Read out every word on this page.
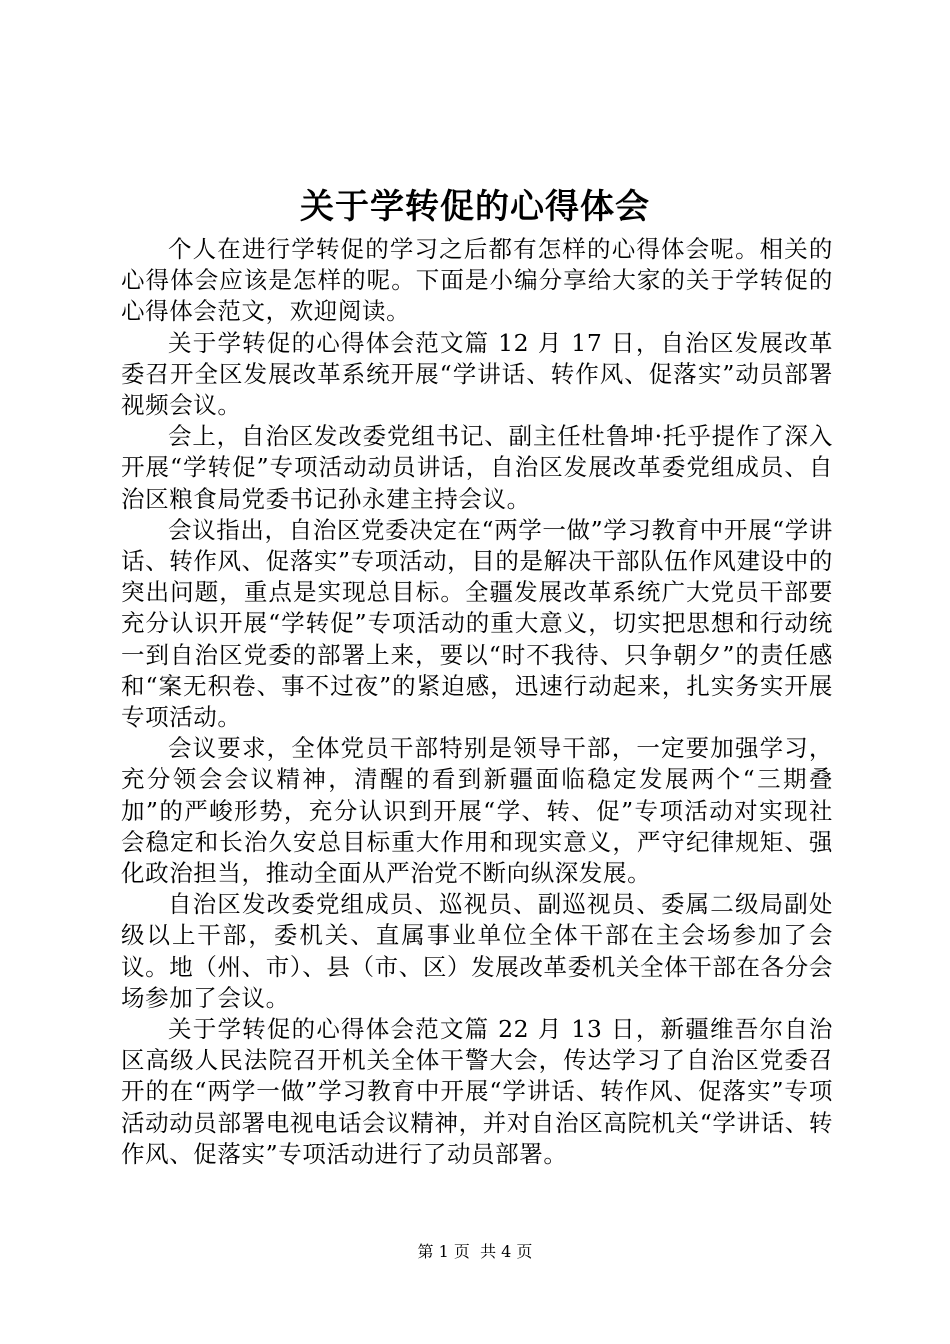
关于学转促的心得体会

个人在进行学转促的学习之后都有怎样的心得体会呢。相关的心得体会应该是怎样的呢。下面是小编分享给大家的关于学转促的心得体会范文，欢迎阅读。

关于学转促的心得体会范文篇 12 月 17 日，自治区发展改革委召开全区发展改革系统开展“学讲话、转作风、促落实”动员部署视频会议。

会上，自治区发改委党组书记、副主任杜鲁坤·托乎提作了深入开展“学转促”专项活动动员讲话，自治区发展改革委党组成员、自治区粮食局党委书记孙永建主持会议。

会议指出，自治区党委决定在“两学一做”学习教育中开展“学讲话、转作风、促落实”专项活动，目的是解决干部队伍作风建设中的突出问题，重点是实现总目标。全疆发展改革系统广大党员干部要充分认识开展“学转促”专项活动的重大意义，切实把思想和行动统一到自治区党委的部署上来，要以“时不我待、只争朝夕”的责任感和“案无积卷、事不过夜”的紧迫感，迅速行动起来，扎实务实开展专项活动。

会议要求，全体党员干部特别是领导干部，一定要加强学习，充分领会会议精神，清醒的看到新疆面临稳定发展两个“三期叠加”的严峻形势，充分认识到开展“学、转、促”专项活动对实现社会稳定和长治久安总目标重大作用和现实意义，严守纪律规矩、强化政治担当，推动全面从严治党不断向纵深发展。

自治区发改委党组成员、巡视员、副巡视员、委属二级局副处级以上干部，委机关、直属事业单位全体干部在主会场参加了会议。地（州、市）、县（市、区）发展改革委机关全体干部在各分会场参加了会议。

关于学转促的心得体会范文篇 22 月 13 日，新疆维吾尔自治区高级人民法院召开机关全体干警大会，传达学习了自治区党委召开的在“两学一做”学习教育中开展“学讲话、转作风、促落实”专项活动动员部署电视电话会议精神，并对自治区高院机关“学讲话、转作风、促落实”专项活动进行了动员部署。

第 1 页 共 4 页
